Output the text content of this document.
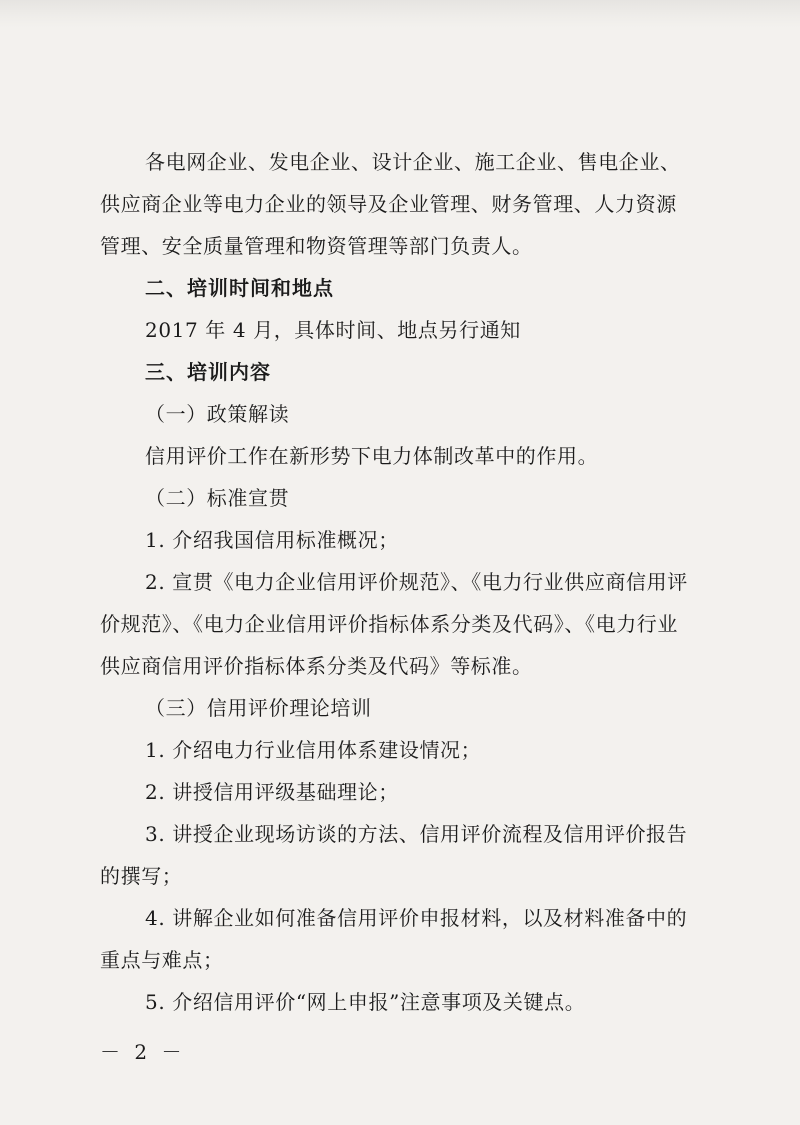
各电网企业、发电企业、设计企业、施工企业、售电企业、
供应商企业等电力企业的领导及企业管理、财务管理、人力资源
管理、安全质量管理和物资管理等部门负责人。
二、培训时间和地点
2017 年 4 月，具体时间、地点另行通知
三、培训内容
（一）政策解读
信用评价工作在新形势下电力体制改革中的作用。
（二）标准宣贯
1. 介绍我国信用标准概况；
2. 宣贯《电力企业信用评价规范》、《电力行业供应商信用评
价规范》、《电力企业信用评价指标体系分类及代码》、《电力行业
供应商信用评价指标体系分类及代码》等标准。
（三）信用评价理论培训
1. 介绍电力行业信用体系建设情况；
2. 讲授信用评级基础理论；
3. 讲授企业现场访谈的方法、信用评价流程及信用评价报告
的撰写；
4. 讲解企业如何准备信用评价申报材料，以及材料准备中的
重点与难点；
5. 介绍信用评价“网上申报”注意事项及关键点。
－ 2 －
